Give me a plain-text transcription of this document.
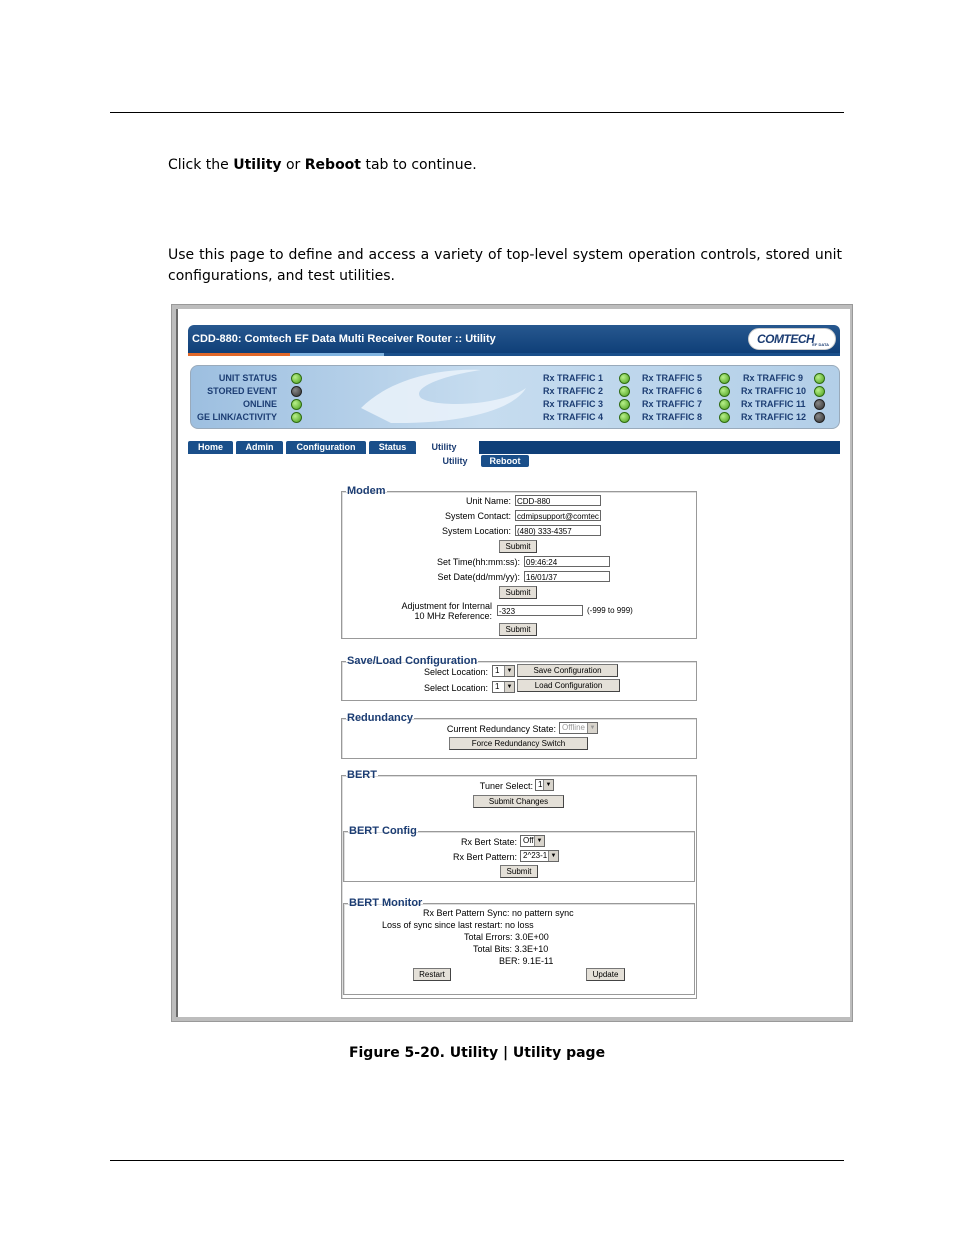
Click the Utility or Reboot tab to continue.
Use this page to define and access a variety of top-level system operation controls, stored unit configurations, and test utilities.
CDD-880: Comtech EF Data Multi Receiver Router :: Utility	COMTECH
EF DATA
UNIT STATUS
STORED EVENT
ONLINE
GE LINK/ACTIVITY
Rx TRAFFIC 1
Rx TRAFFIC 2
Rx TRAFFIC 3
Rx TRAFFIC 4
Rx TRAFFIC 5
Rx TRAFFIC 6
Rx TRAFFIC 7
Rx TRAFFIC 8
Rx TRAFFIC 9
Rx TRAFFIC 10
Rx TRAFFIC 11
Rx TRAFFIC 12
Home	Admin	Configuration	Status	Utility
Utility	Reboot
Modem
Unit Name: CDD-880
System Contact: cdmipsupport@comtec
System Location: (480) 333-4357
Submit
Set Time(hh:mm:ss): 09:46:24
Set Date(dd/mm/yy): 16/01/37
Submit
Adjustment for Internal
10 MHz Reference: -323	(-999 to 999)
Submit
Save/Load Configuration
Select Location: 1	▼	Save Configuration
Select Location: 1	▼	Load Configuration
Redundancy
Current Redundancy State: Offline ▼
Force Redundancy Switch
BERT
Tuner Select: 1 ▼
Submit Changes
BERT Config
Rx Bert State: Off ▼
Rx Bert Pattern: 2^23-1 ▼
Submit
BERT Monitor
Rx Bert Pattern Sync: no pattern sync
Loss of sync since last restart: no loss
Total Errors: 3.0E+00
Total Bits: 3.3E+10
BER: 9.1E-11
Restart	Update
Figure 5-20. Utility | Utility page
